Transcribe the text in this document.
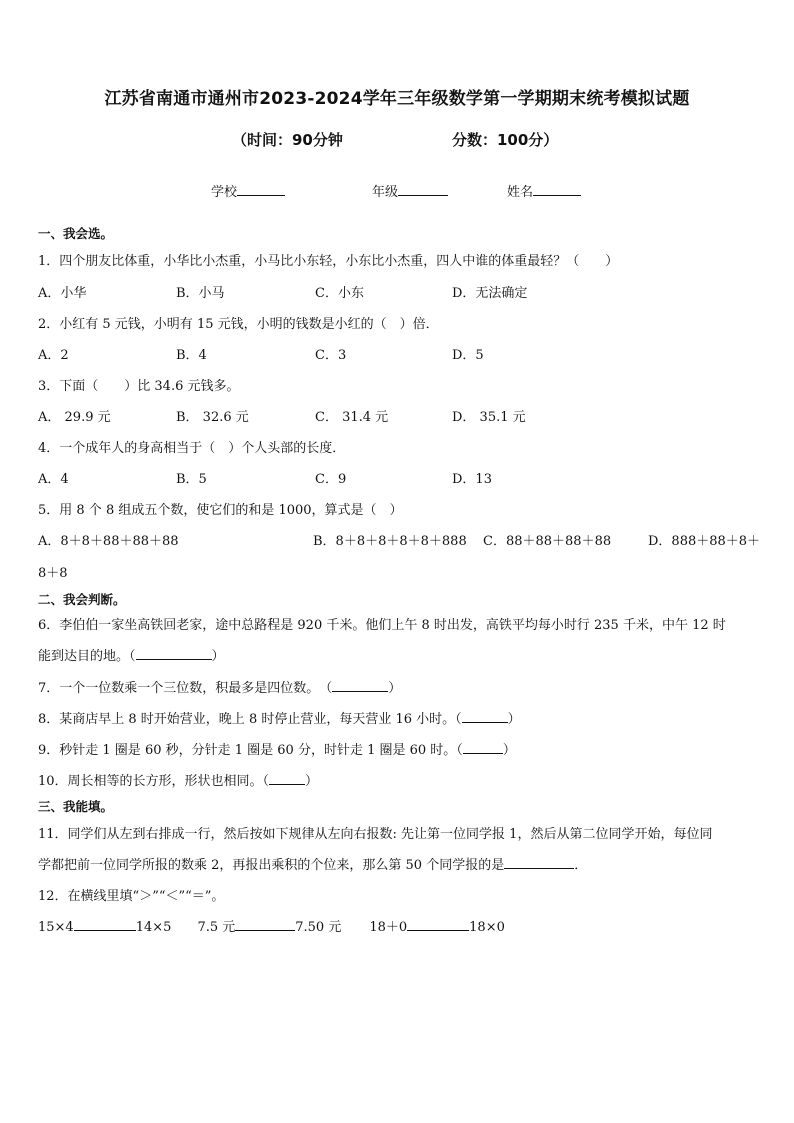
江苏省南通市通州市2023-2024学年三年级数学第一学期期末统考模拟试题
（时间：90分钟	分数：100分）
学校	年级	姓名
一、我会选。
1．四个朋友比体重，小华比小杰重，小马比小东轻，小东比小杰重，四人中谁的体重最轻？（　　）
A．小华	B．小马	C．小东	D．无法确定
2．小红有 5 元钱，小明有 15 元钱，小明的钱数是小红的（　）倍．
A．2	B．4	C．3	D．5
3．下面（　　）比 34.6 元钱多。
A． 29.9 元	B． 32.6 元	C． 31.4 元	D． 35.1 元
4．一个成年人的身高相当于（　）个人头部的长度．
A．4	B．5	C．9	D．13
5．用 8 个 8 组成五个数，使它们的和是 1000，算式是（　）
A．8＋8＋88＋88＋88	B．8＋8＋8＋8＋8＋888 C．88＋88＋88＋88	D．888＋88＋8＋
8＋8
二、我会判断。
6．李伯伯一家坐高铁回老家，途中总路程是 920 千米。他们上午 8 时出发，高铁平均每小时行 235 千米，中午 12 时
能到达目的地。（	）
7．一个一位数乘一个三位数，积最多是四位数。　（	）
8．某商店早上 8 时开始营业，晚上 8 时停止营业，每天营业 16 小时。（	）
9．秒针走 1 圈是 60 秒，分针走 1 圈是 60 分，时针走 1 圈是 60 时。（	）
10．周长相等的长方形，形状也相同。（	）
三、我能填。
11．同学们从左到右排成一行，然后按如下规律从左向右报数: 先让第一位同学报 1，然后从第二位同学开始，每位同
学都把前一位同学所报的数乘 2，再报出乘积的个位来，那么第 50 个同学报的是	．
12．在横线里填“＞”“＜”“＝”。
15×4	14×5 7.5 元	7.50 元 18＋0	18×0
